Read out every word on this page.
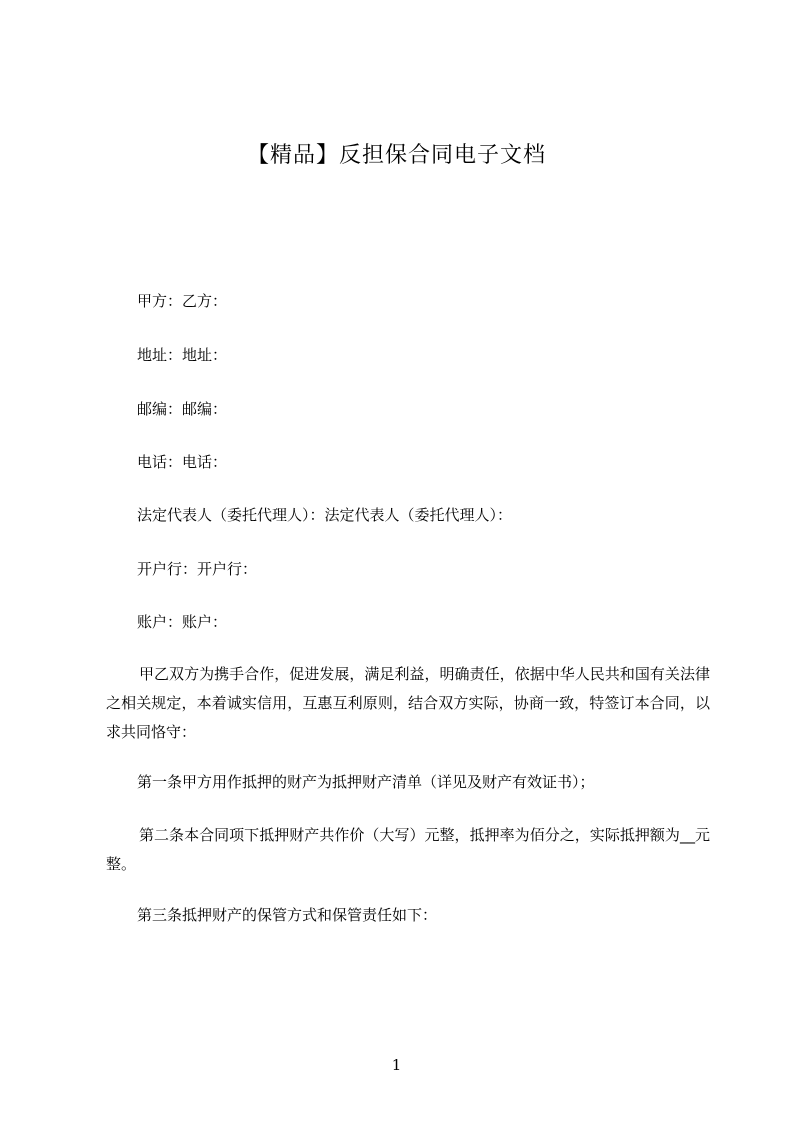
【精品】反担保合同电子文档
甲方：乙方：
地址：地址：
邮编：邮编：
电话：电话：
法定代表人（委托代理人）：法定代表人（委托代理人）：
开户行：开户行：
账户：账户：
甲乙双方为携手合作，促进发展，满足利益，明确责任，依据中华人民共和国有关法律之相关规定，本着诚实信用，互惠互利原则，结合双方实际，协商一致，特签订本合同，以求共同恪守：
第一条甲方用作抵押的财产为抵押财产清单（详见及财产有效证书）；
第二条本合同项下抵押财产共作价（大写）元整，抵押率为佰分之，实际抵押额为__元整。
第三条抵押财产的保管方式和保管责任如下：
1
